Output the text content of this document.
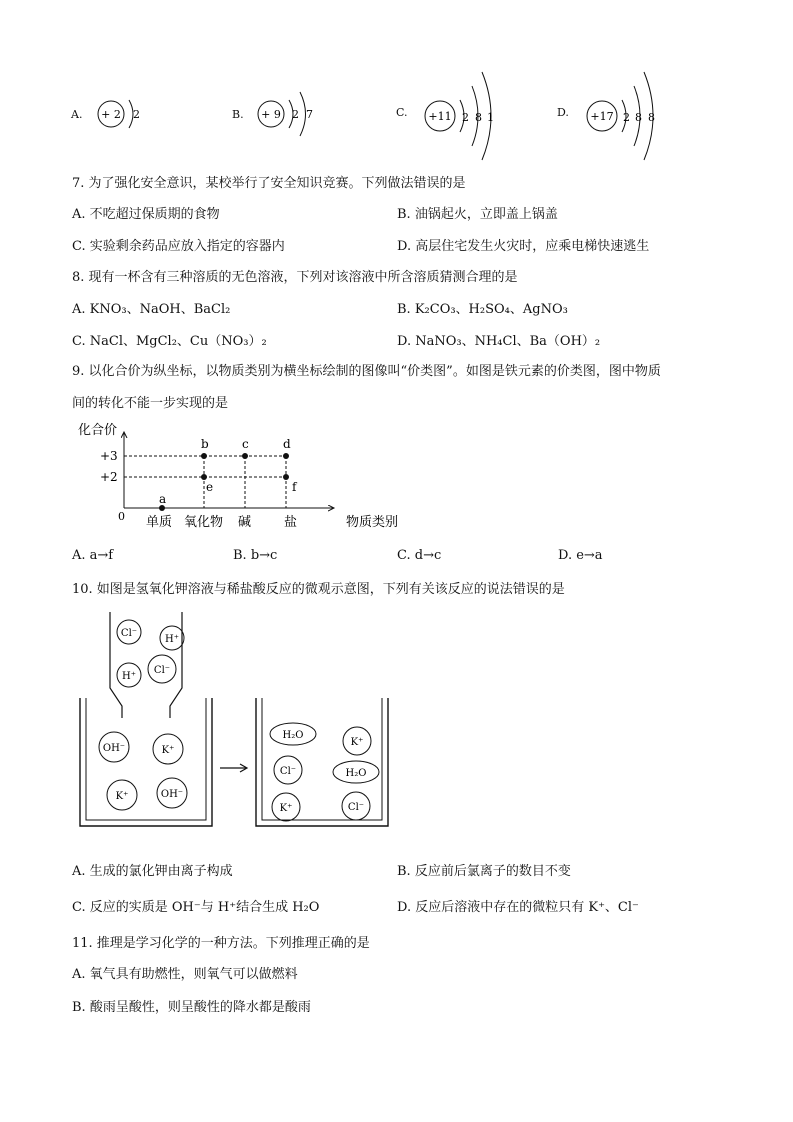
A. + 2 2	B. + 9 2 7	C. +11 2 8 1	D. +17 2 8 8
7. 为了强化安全意识，某校举行了安全知识竞赛。下列做法错误的是
A. 不吃超过保质期的食物	B. 油锅起火，立即盖上锅盖
C. 实验剩余药品应放入指定的容器内	D. 高层住宅发生火灾时，应乘电梯快速逃生
8. 现有一杯含有三种溶质的无色溶液，下列对该溶液中所含溶质猜测合理的是
A. KNO₃、NaOH、BaCl₂	B. K₂CO₃、H₂SO₄、AgNO₃
C. NaCl、MgCl₂、Cu（NO₃）₂	D. NaNO₃、NH₄Cl、Ba（OH）₂
9. 以化合价为纵坐标，以物质类别为横坐标绘制的图像叫“价类图”。如图是铁元素的价类图，图中物质
间的转化不能一步实现的是
化合价
0	物质类别
+2
+3
a
b	c	d
e	f
单质 氧化物 碱	盐
A. a→f	B. b→c	C. d→c	D. e→a
10. 如图是氢氧化钾溶液与稀盐酸反应的微观示意图，下列有关该反应的说法错误的是
Cl⁻
H⁺
H⁺
Cl⁻
OH⁻	K⁺
K⁺	OH⁻
H₂O
K⁺
Cl⁻	H₂O
K⁺	Cl⁻
A. 生成的氯化钾由离子构成	B. 反应前后氯离子的数目不变
C. 反应的实质是 OH⁻与 H⁺结合生成 H₂O	D. 反应后溶液中存在的微粒只有 K⁺、Cl⁻
11. 推理是学习化学的一种方法。下列推理正确的是
A. 氧气具有助燃性，则氧气可以做燃料
B. 酸雨呈酸性，则呈酸性的降水都是酸雨
